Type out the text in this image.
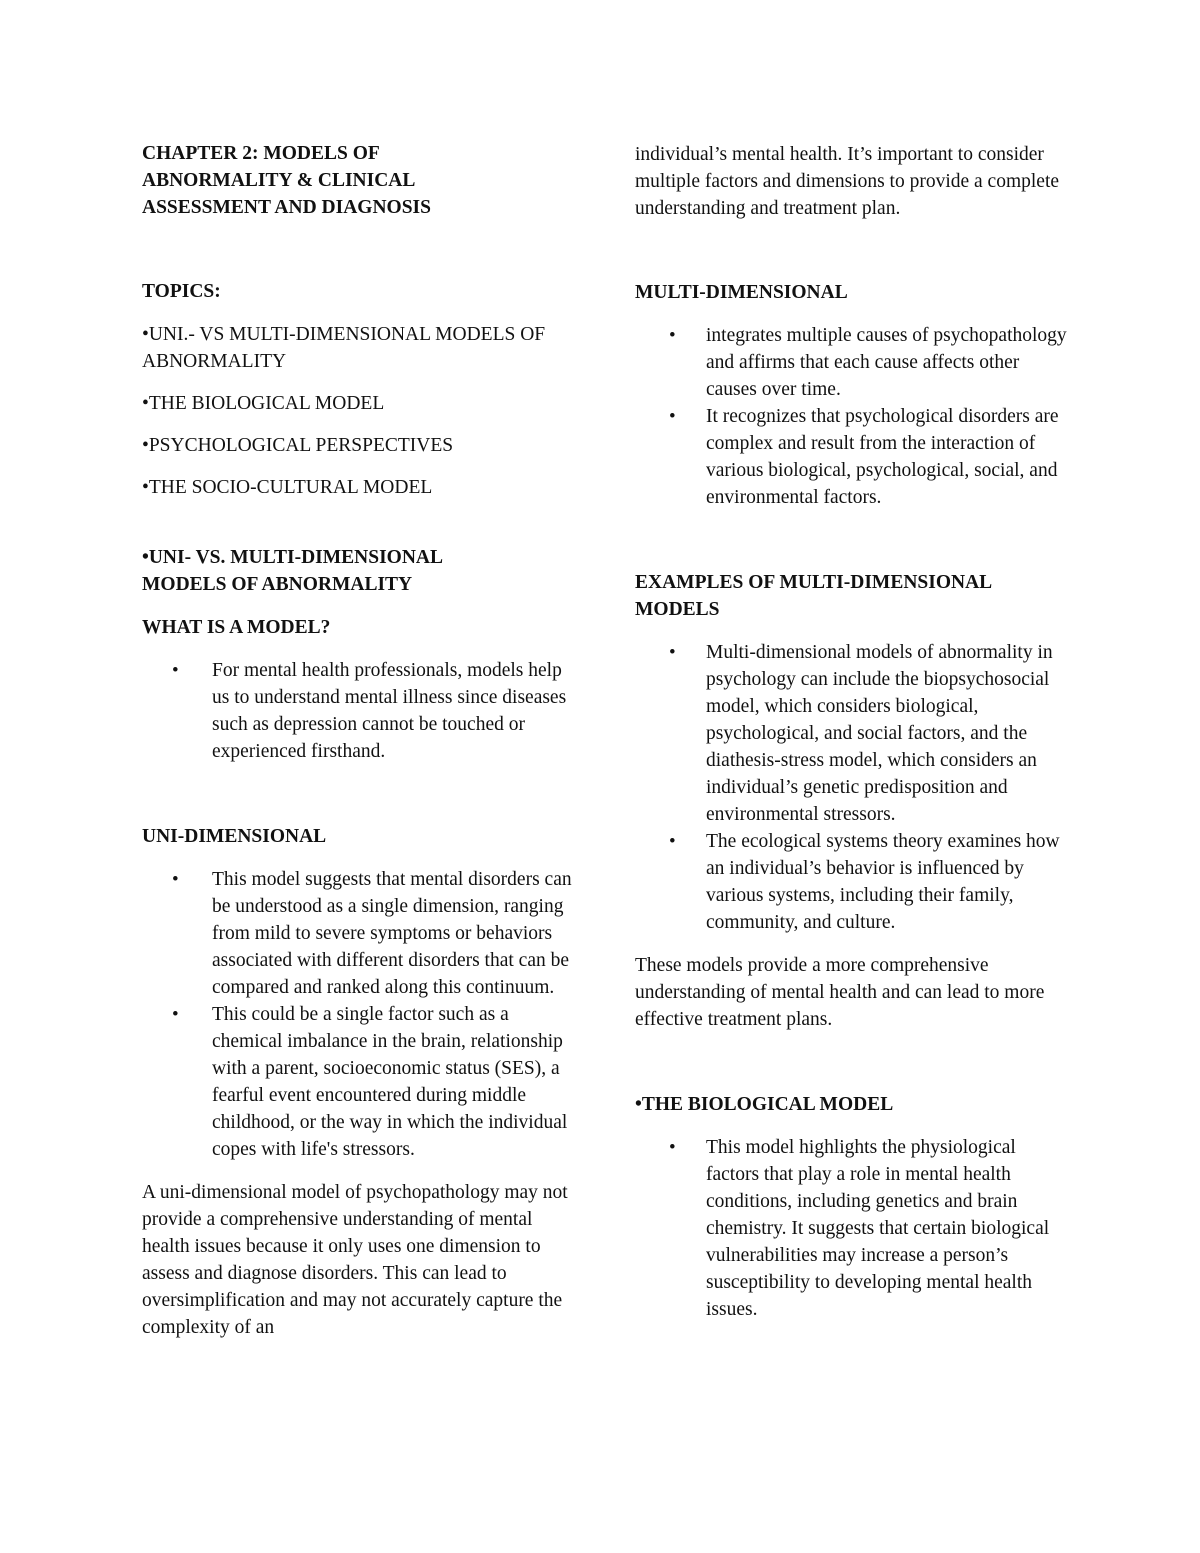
CHAPTER 2: MODELS OF
ABNORMALITY & CLINICAL
ASSESSMENT AND DIAGNOSIS

TOPICS:

•UNI.- VS MULTI-DIMENSIONAL MODELS OF ABNORMALITY

•THE BIOLOGICAL MODEL

•PSYCHOLOGICAL PERSPECTIVES

•THE SOCIO-CULTURAL MODEL

•UNI- VS. MULTI-DIMENSIONAL
MODELS OF ABNORMALITY

WHAT IS A MODEL?

• For mental health professionals, models help us to understand mental illness since diseases such as depression cannot be touched or experienced firsthand.

UNI-DIMENSIONAL

• This model suggests that mental disorders can be understood as a single dimension, ranging from mild to severe symptoms or behaviors associated with different disorders that can be compared and ranked along this continuum.
• This could be a single factor such as a chemical imbalance in the brain, relationship with a parent, socioeconomic status (SES), a fearful event encountered during middle childhood, or the way in which the individual copes with life's stressors.

A uni-dimensional model of psychopathology may not provide a comprehensive understanding of mental health issues because it only uses one dimension to assess and diagnose disorders. This can lead to oversimplification and may not accurately capture the complexity of an

individual’s mental health. It’s important to consider multiple factors and dimensions to provide a complete understanding and treatment plan.

MULTI-DIMENSIONAL

• integrates multiple causes of psychopathology and affirms that each cause affects other causes over time.
• It recognizes that psychological disorders are complex and result from the interaction of various biological, psychological, social, and environmental factors.

EXAMPLES OF MULTI-DIMENSIONAL
MODELS

• Multi-dimensional models of abnormality in psychology can include the biopsychosocial model, which considers biological, psychological, and social factors, and the diathesis-stress model, which considers an individual’s genetic predisposition and environmental stressors.
• The ecological systems theory examines how an individual’s behavior is influenced by various systems, including their family, community, and culture.

These models provide a more comprehensive understanding of mental health and can lead to more effective treatment plans.

•THE BIOLOGICAL MODEL

• This model highlights the physiological factors that play a role in mental health conditions, including genetics and brain chemistry. It suggests that certain biological vulnerabilities may increase a person’s susceptibility to developing mental health issues.
